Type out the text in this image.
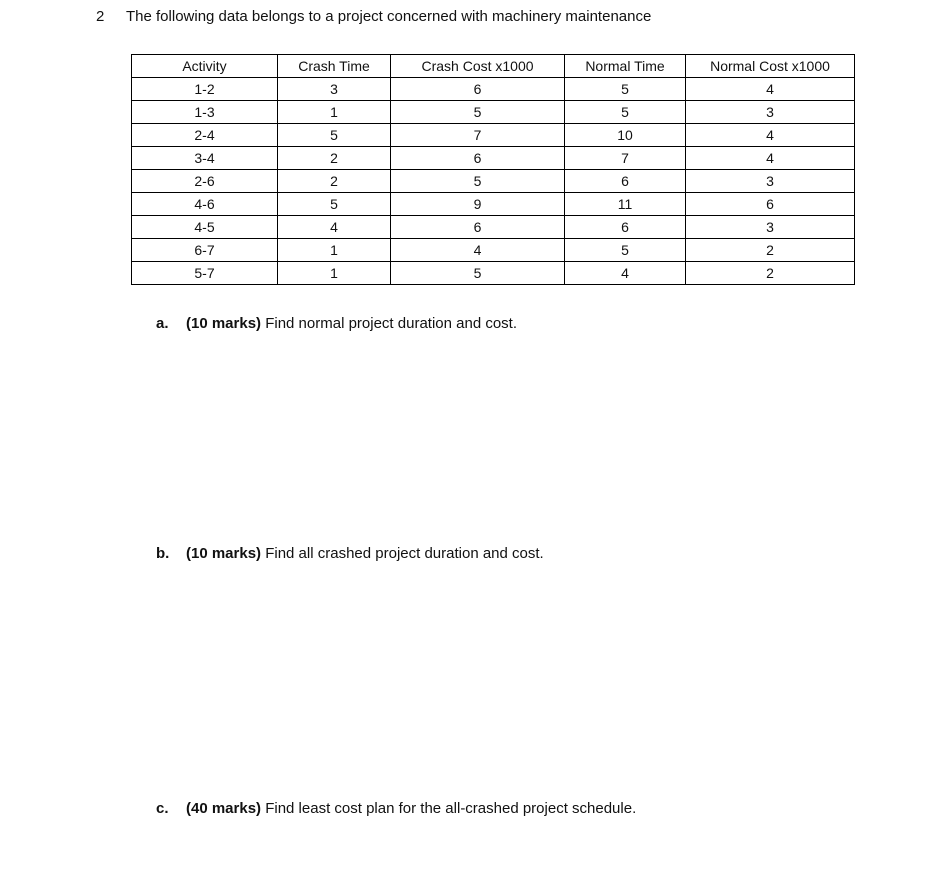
2 The following data belongs to a project concerned with machinery maintenance
Activity	Crash Time	Crash Cost x1000	Normal Time	Normal Cost x1000
1-2	3	6	5	4
1-3	1	5	5	3
2-4	5	7	10	4
3-4	2	6	7	4
2-6	2	5	6	3
4-6	5	9	11	6
4-5	4	6	6	3
6-7	1	4	5	2
5-7	1	5	4	2
a. (10 marks) Find normal project duration and cost.
b. (10 marks) Find all crashed project duration and cost.
c. (40 marks) Find least cost plan for the all-crashed project schedule.
